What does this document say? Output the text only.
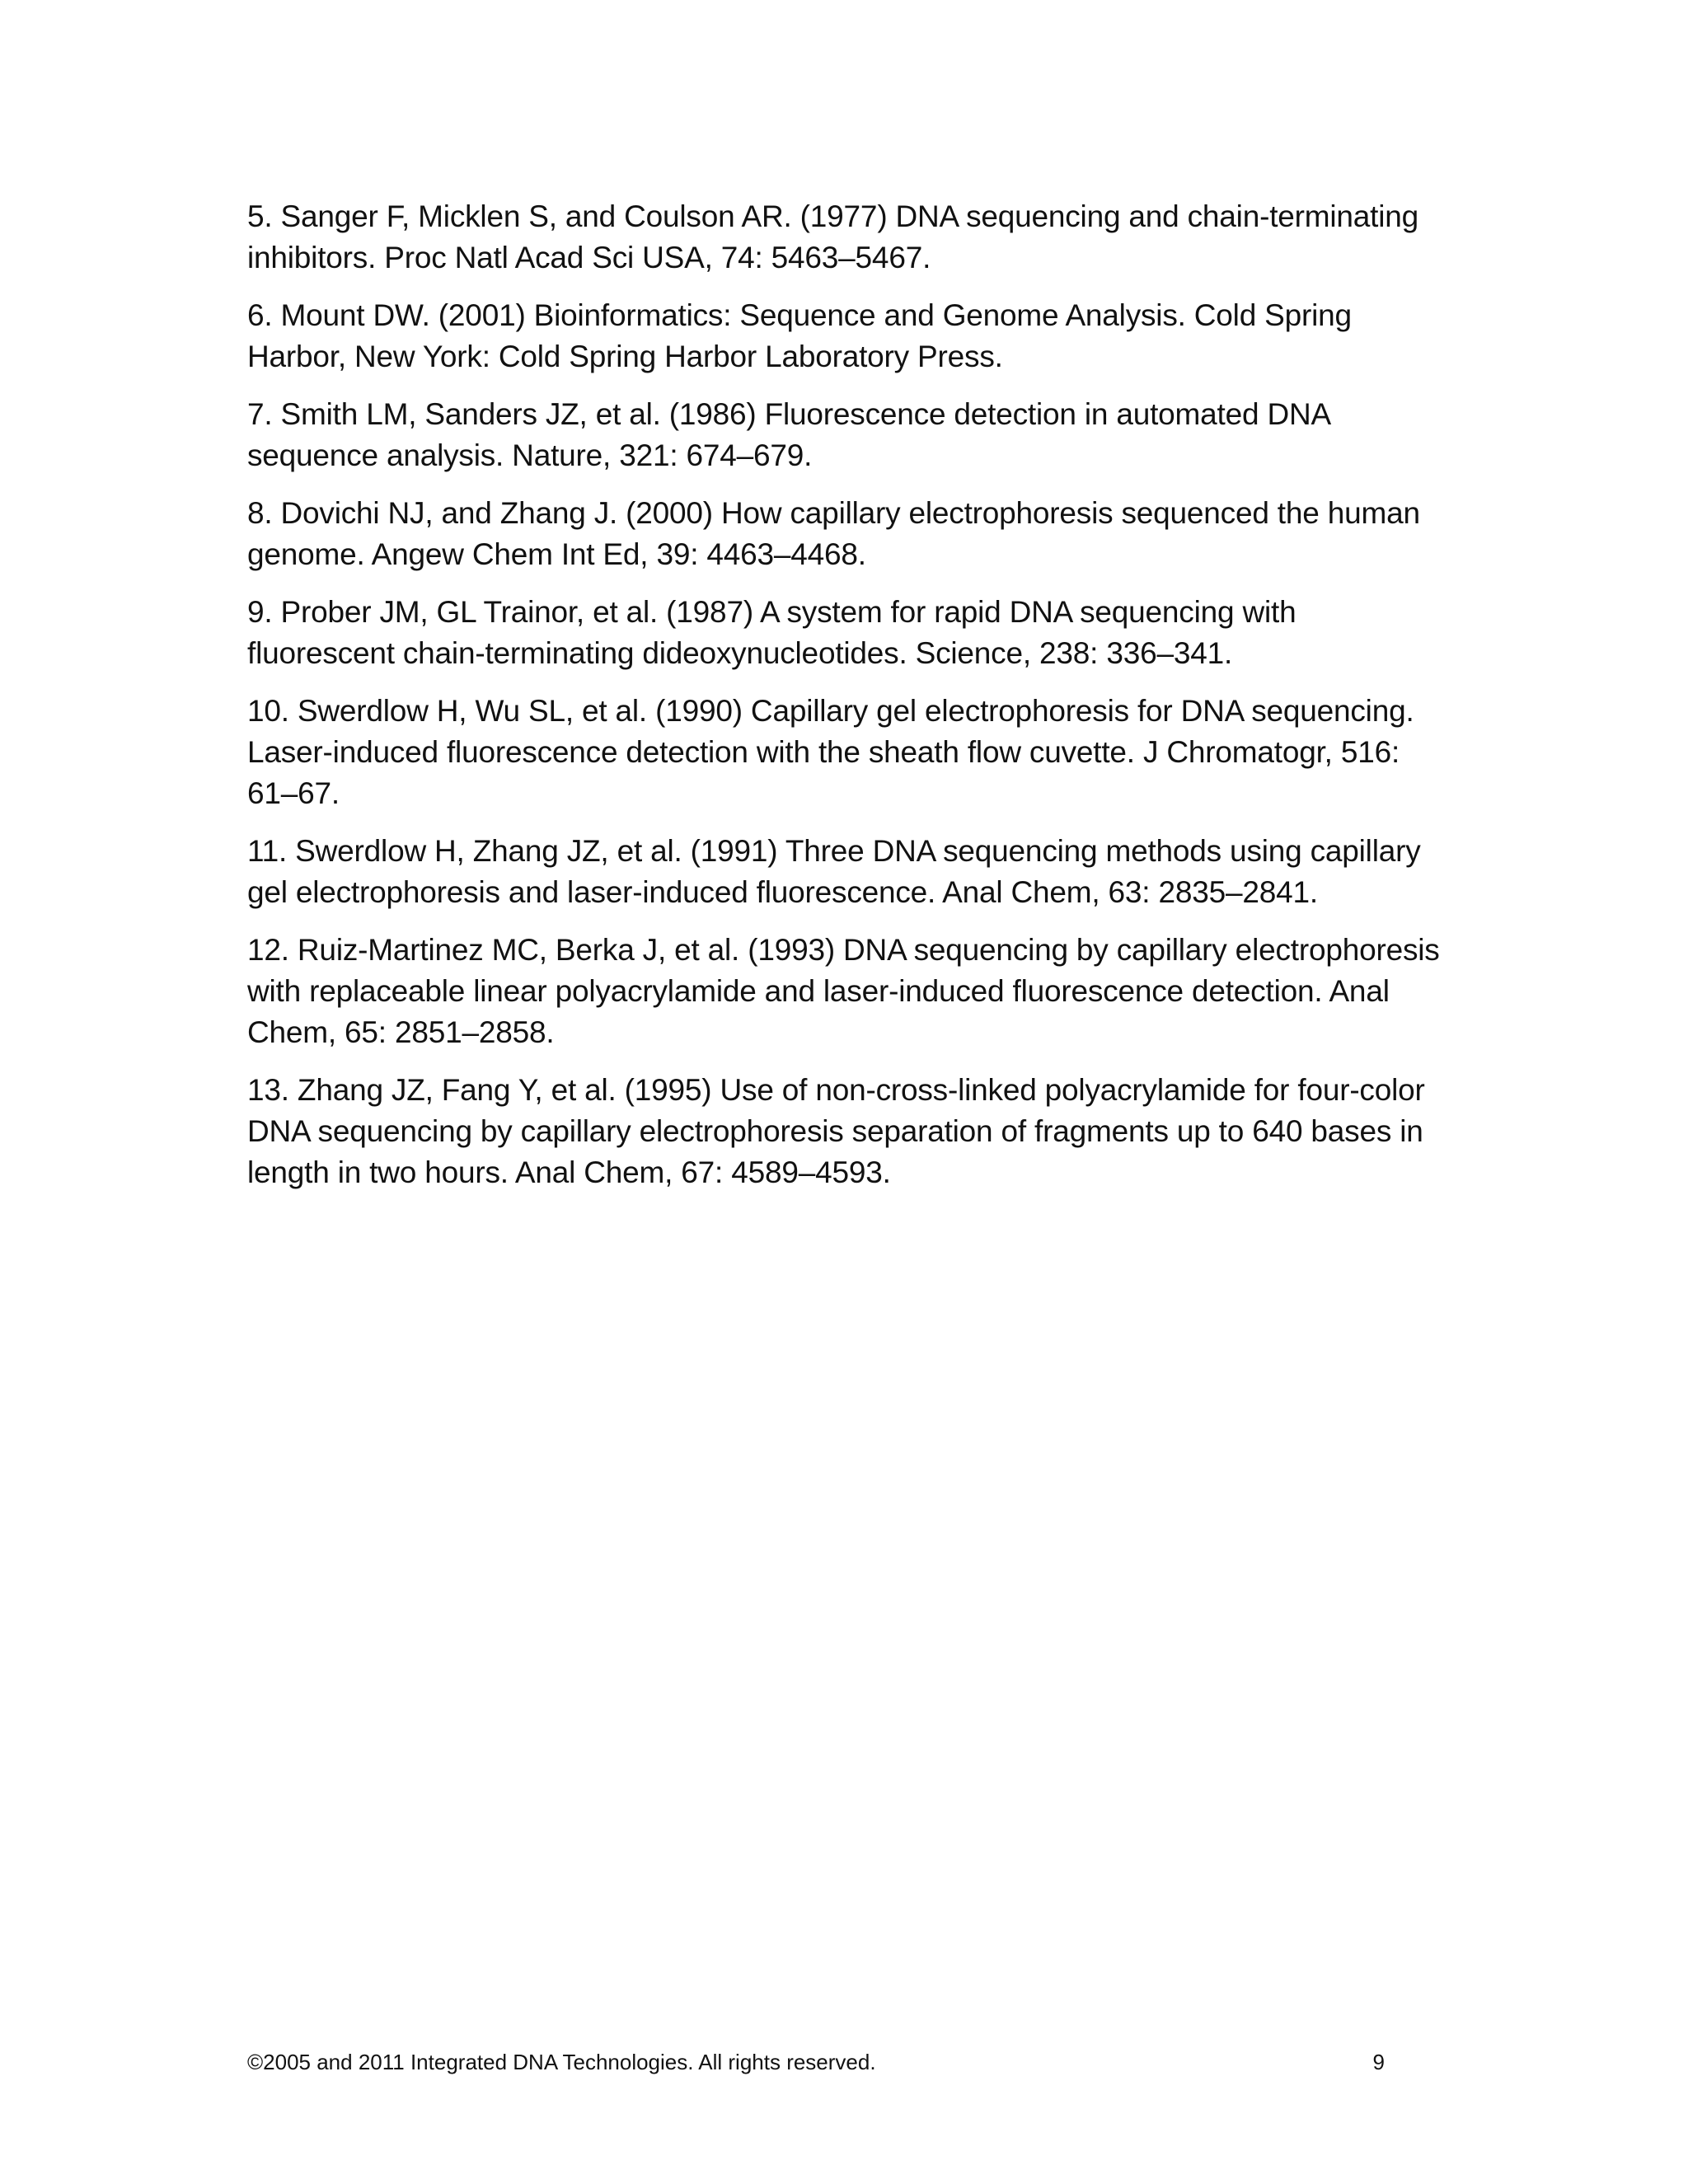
5. Sanger F, Micklen S, and Coulson AR. (1977) DNA sequencing and chain-terminating inhibitors. Proc Natl Acad Sci USA, 74: 5463–5467.
6. Mount DW. (2001) Bioinformatics: Sequence and Genome Analysis. Cold Spring Harbor, New York: Cold Spring Harbor Laboratory Press.
7. Smith LM, Sanders JZ, et al. (1986) Fluorescence detection in automated DNA sequence analysis. Nature, 321: 674–679.
8. Dovichi NJ, and Zhang J. (2000) How capillary electrophoresis sequenced the human genome. Angew Chem Int Ed, 39: 4463–4468.
9. Prober JM, GL Trainor, et al. (1987) A system for rapid DNA sequencing with fluorescent chain-terminating dideoxynucleotides. Science, 238: 336–341.
10. Swerdlow H, Wu SL, et al. (1990) Capillary gel electrophoresis for DNA sequencing. Laser-induced fluorescence detection with the sheath flow cuvette. J Chromatogr, 516: 61–67.
11. Swerdlow H, Zhang JZ, et al. (1991) Three DNA sequencing methods using capillary gel electrophoresis and laser-induced fluorescence. Anal Chem, 63: 2835–2841.
12. Ruiz-Martinez MC, Berka J, et al. (1993) DNA sequencing by capillary electrophoresis with replaceable linear polyacrylamide and laser-induced fluorescence detection. Anal Chem, 65: 2851–2858.
13. Zhang JZ, Fang Y, et al. (1995) Use of non-cross-linked polyacrylamide for four-color DNA sequencing by capillary electrophoresis separation of fragments up to 640 bases in length in two hours. Anal Chem, 67: 4589–4593.
©2005 and 2011 Integrated DNA Technologies. All rights reserved.	9
